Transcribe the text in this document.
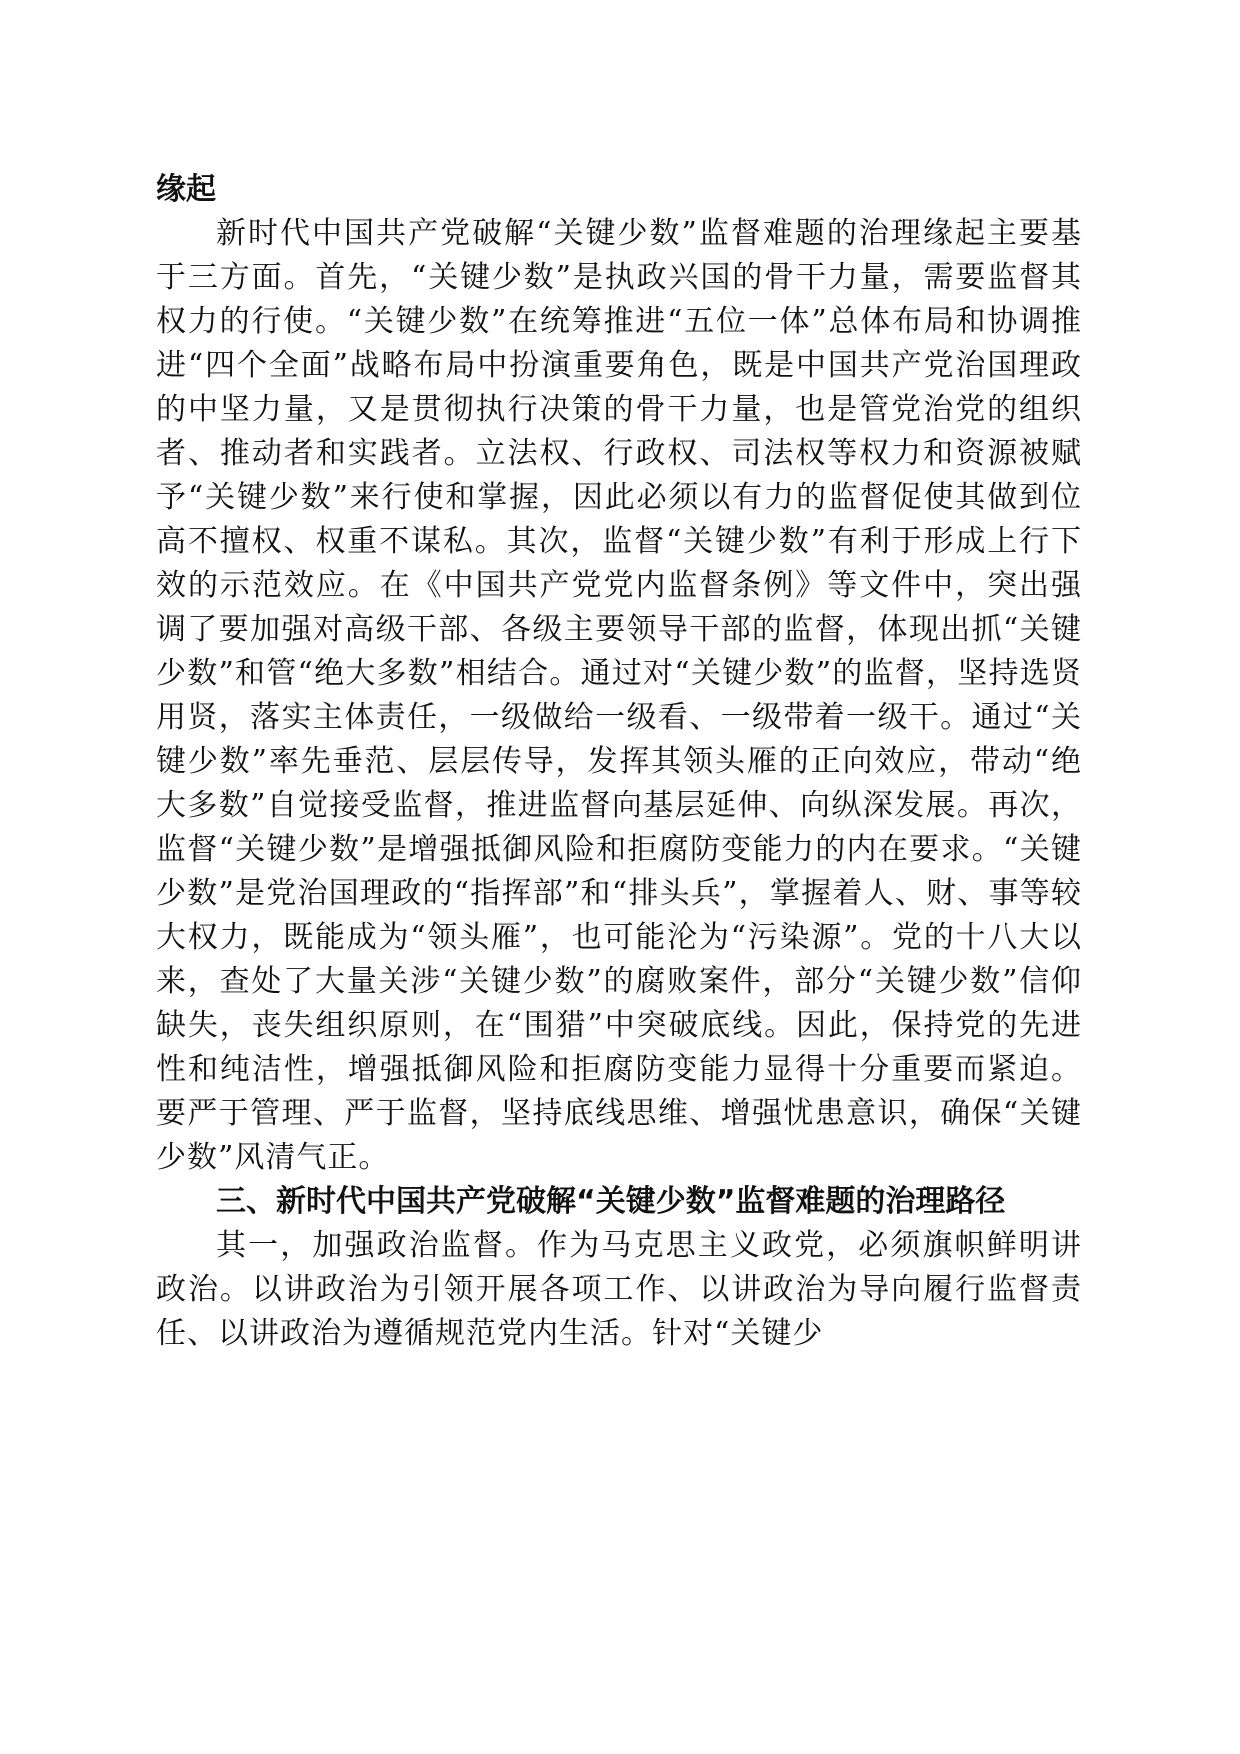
缘起

新时代中国共产党破解“关键少数”监督难题的治理缘起主要基于三方面。首先，“关键少数”是执政兴国的骨干力量，需要监督其权力的行使。“关键少数”在统筹推进“五位一体”总体布局和协调推进“四个全面”战略布局中扮演重要角色，既是中国共产党治国理政的中坚力量，又是贯彻执行决策的骨干力量，也是管党治党的组织者、推动者和实践者。立法权、行政权、司法权等权力和资源被赋予“关键少数”来行使和掌握，因此必须以有力的监督促使其做到位高不擅权、权重不谋私。其次，监督“关键少数”有利于形成上行下效的示范效应。在《中国共产党党内监督条例》等文件中，突出强调了要加强对高级干部、各级主要领导干部的监督，体现出抓“关键少数”和管“绝大多数”相结合。通过对“关键少数”的监督，坚持选贤用贤，落实主体责任，一级做给一级看、一级带着一级干。通过“关键少数”率先垂范、层层传导，发挥其领头雁的正向效应，带动“绝大多数”自觉接受监督，推进监督向基层延伸、向纵深发展。再次，监督“关键少数”是增强抵御风险和拒腐防变能力的内在要求。“关键少数”是党治国理政的“指挥部”和“排头兵”，掌握着人、财、事等较大权力，既能成为“领头雁”，也可能沦为“污染源”。党的十八大以来，查处了大量关涉“关键少数”的腐败案件，部分“关键少数”信仰缺失，丧失组织原则，在“围猎”中突破底线。因此，保持党的先进性和纯洁性，增强抵御风险和拒腐防变能力显得十分重要而紧迫。要严于管理、严于监督，坚持底线思维、增强忧患意识，确保“关键少数”风清气正。

三、新时代中国共产党破解“关键少数”监督难题的治理路径

其一，加强政治监督。作为马克思主义政党，必须旗帜鲜明讲政治。以讲政治为引领开展各项工作、以讲政治为导向履行监督责任、以讲政治为遵循规范党内生活。针对“关键少
